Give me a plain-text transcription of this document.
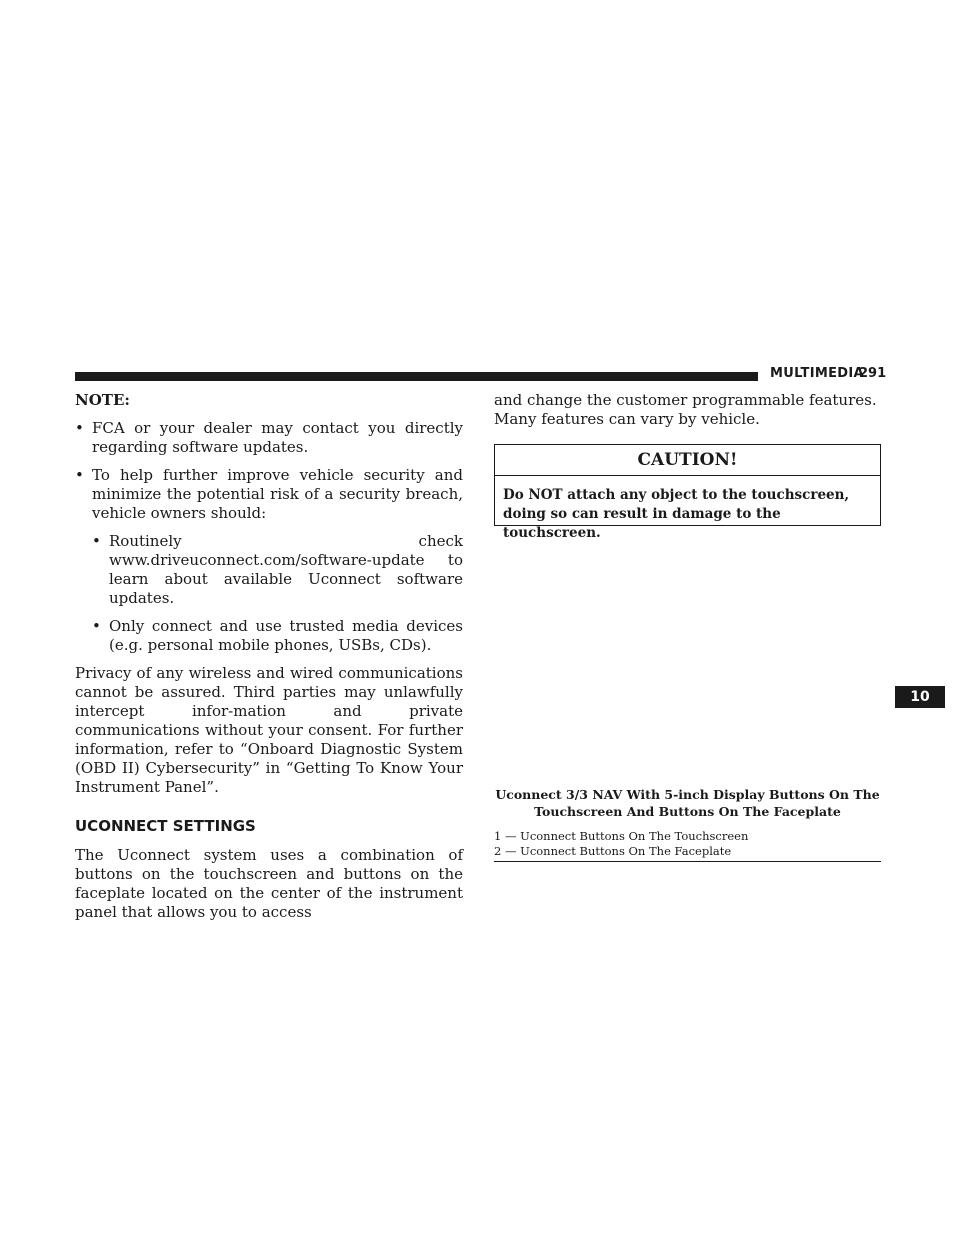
MULTIMEDIA
291
10
NOTE:
• FCA or your dealer may contact you directly regarding software updates.
• To help further improve vehicle security and minimize the potential risk of a security breach, vehicle owners should:
• Routinely check www.driveuconnect.com/software-update to learn about available Uconnect software updates.
• Only connect and use trusted media devices (e.g. personal mobile phones, USBs, CDs).
Privacy of any wireless and wired communications cannot be assured. Third parties may unlawfully intercept infor-mation and private communications without your consent. For further information, refer to “Onboard Diagnostic System (OBD II) Cybersecurity” in “Getting To Know Your Instrument Panel”.
UCONNECT SETTINGS
The Uconnect system uses a combination of buttons on the touchscreen and buttons on the faceplate located on the center of the instrument panel that allows you to access
and change the customer programmable features. Many features can vary by vehicle.
CAUTION!
Do NOT attach any object to the touchscreen, doing so can result in damage to the touchscreen.
Uconnect 3/3 NAV With 5-inch Display Buttons On The Touchscreen And Buttons On The Faceplate
1 — Uconnect Buttons On The Touchscreen
2 — Uconnect Buttons On The Faceplate
